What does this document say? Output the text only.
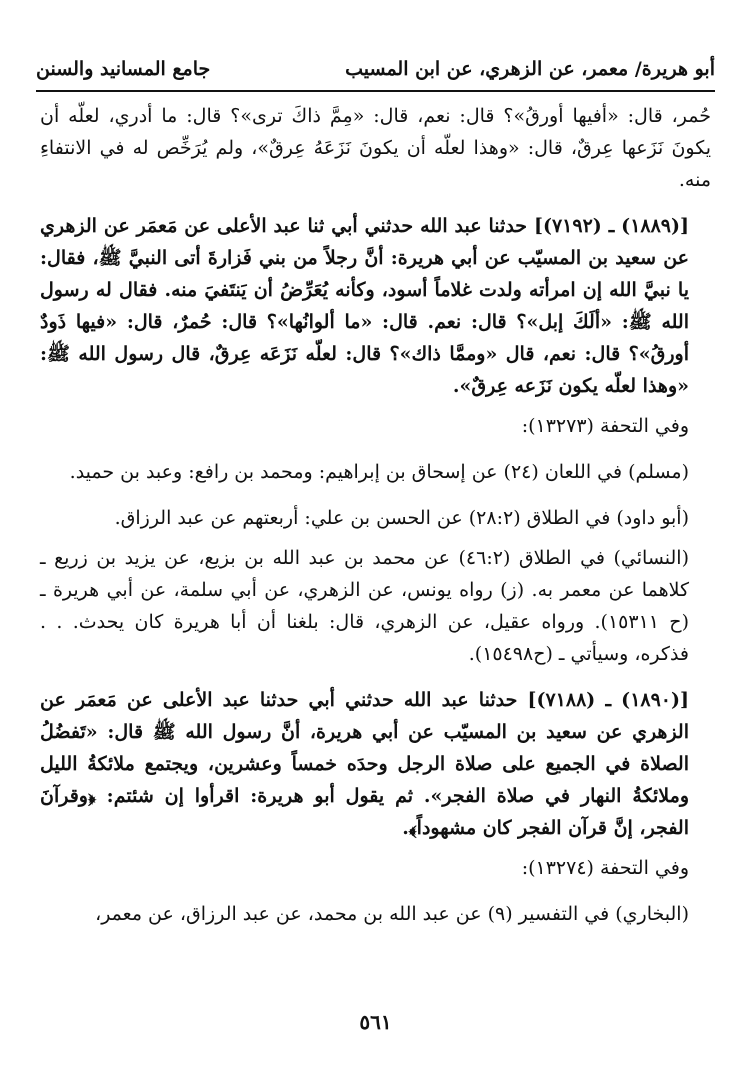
جامع المسانيد والسنن	أبو هريرة/ معمر، عن الزهري، عن ابن المسيب

حُمر، قال: «أفيها أورقُ»؟ قال: نعم، قال: «مِمَّ ذاكَ ترى»؟ قال: ما أدري، لعلّه أن يكونَ نَزَعها عِرقٌ، قال: «وهذا لعلّه أن يكونَ نَزَعَهُ عِرقٌ»، ولم يُرَخِّص له في الانتفاءِ منه.

[(١٨٨٩) ـ (٧١٩٢)] حدثنا عبد الله حدثني أبي ثنا عبد الأعلى عن مَعمَر عن الزهري عن سعيد بن المسيّب عن أبي هريرة: أنَّ رجلاً من بني فَزارةَ أتى النبيَّ ﷺ، فقال: يا نبيَّ الله إن امرأته ولدت غلاماً أسود، وكأنه يُعَرِّضُ أن يَنتَفيَ منه. فقال له رسول الله ﷺ: «ألَكَ إبل»؟ قال: نعم. قال: «ما ألوانُها»؟ قال: حُمرٌ، قال: «فيها ذَودٌ أورقُ»؟ قال: نعم، قال «وممَّا ذاك»؟ قال: لعلّه نَزَعَه عِرقٌ، قال رسول الله ﷺ: «وهذا لعلّه يكون نَزَعه عِرقٌ».

وفي التحفة (١٣٢٧٣):

(مسلم) في اللعان (٢٤) عن إسحاق بن إبراهيم: ومحمد بن رافع: وعبد بن حميد.

(أبو داود) في الطلاق (٢٨:٢) عن الحسن بن علي: أربعتهم عن عبد الرزاق.

(النسائي) في الطلاق (٤٦:٢) عن محمد بن عبد الله بن بزيع، عن يزيد بن زريع ـ كلاهما عن معمر به. (ز) رواه يونس، عن الزهري، عن أبي سلمة، عن أبي هريرة ـ (ح ١٥٣١١). ورواه عقيل، عن الزهري، قال: بلغنا أن أبا هريرة كان يحدث. . . فذكره، وسيأتي ـ (ح١٥٤٩٨).

[(١٨٩٠) ـ (٧١٨٨)] حدثنا عبد الله حدثني أبي حدثنا عبد الأعلى عن مَعمَر عن الزهري عن سعيد بن المسيّب عن أبي هريرة، أنَّ رسول الله ﷺ قال: «تَفضُلُ الصلاة في الجميع على صلاة الرجل وحدَه خمساً وعشرين، ويجتمع ملائكةُ الليل وملائكةُ النهار في صلاة الفجر». ثم يقول أبو هريرة: اقرأوا إن شئتم: ﴿وقرآنَ الفجر، إنَّ قرآن الفجر كان مشهوداً﴾.

وفي التحفة (١٣٢٧٤):

(البخاري) في التفسير (٩) عن عبد الله بن محمد، عن عبد الرزاق، عن معمر،

٥٦١
